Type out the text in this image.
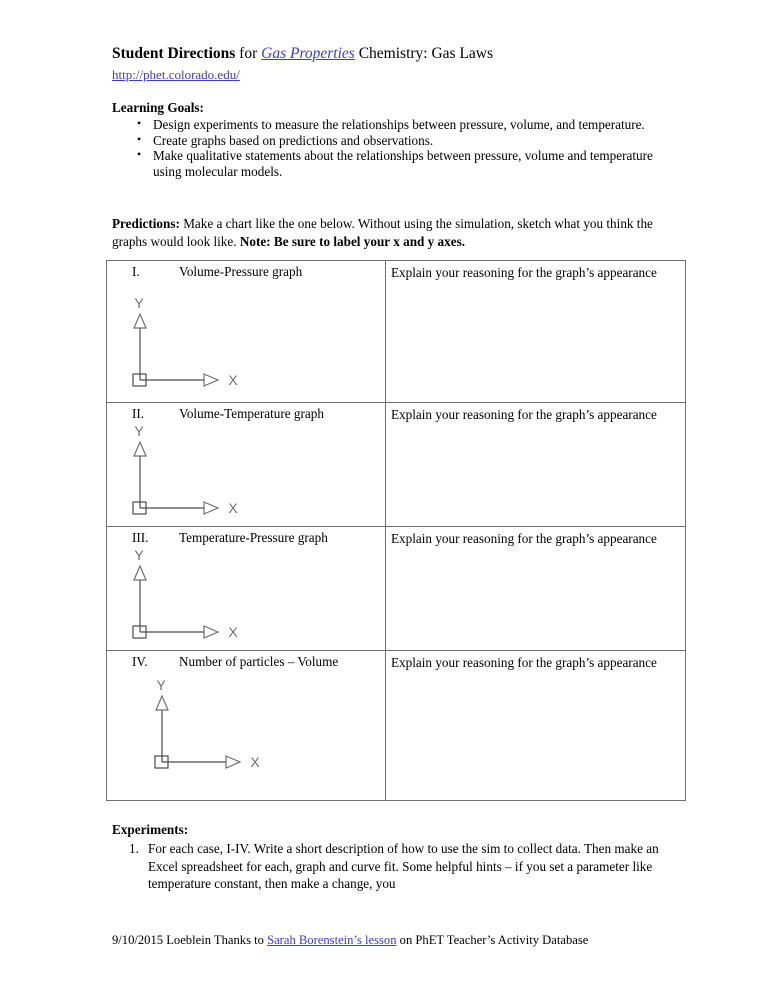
Student Directions for Gas Properties Chemistry: Gas Laws
http://phet.colorado.edu/
Learning Goals:
• Design experiments to measure the relationships between pressure, volume, and temperature.
• Create graphs based on predictions and observations.
• Make qualitative statements about the relationships between pressure, volume and temperature using molecular models.
Predictions: Make a chart like the one below. Without using the simulation, sketch what you think the graphs would look like. Note: Be sure to label your x and y axes.
I. Volume-Pressure graph
Y
X	Explain your reasoning for the graph’s appearance

II. Volume-Temperature graph
Y
X	Explain your reasoning for the graph’s appearance

III. Temperature-Pressure graph
Y
X	Explain your reasoning for the graph’s appearance

IV. Number of particles – Volume
Y
X	Explain your reasoning for the graph’s appearance
Experiments:
1. For each case, I-IV. Write a short description of how to use the sim to collect data. Then make an Excel spreadsheet for each, graph and curve fit. Some helpful hints – if you set a parameter like temperature constant, then make a change, you
9/10/2015 Loeblein Thanks to Sarah Borenstein’s lesson on PhET Teacher’s Activity Database
